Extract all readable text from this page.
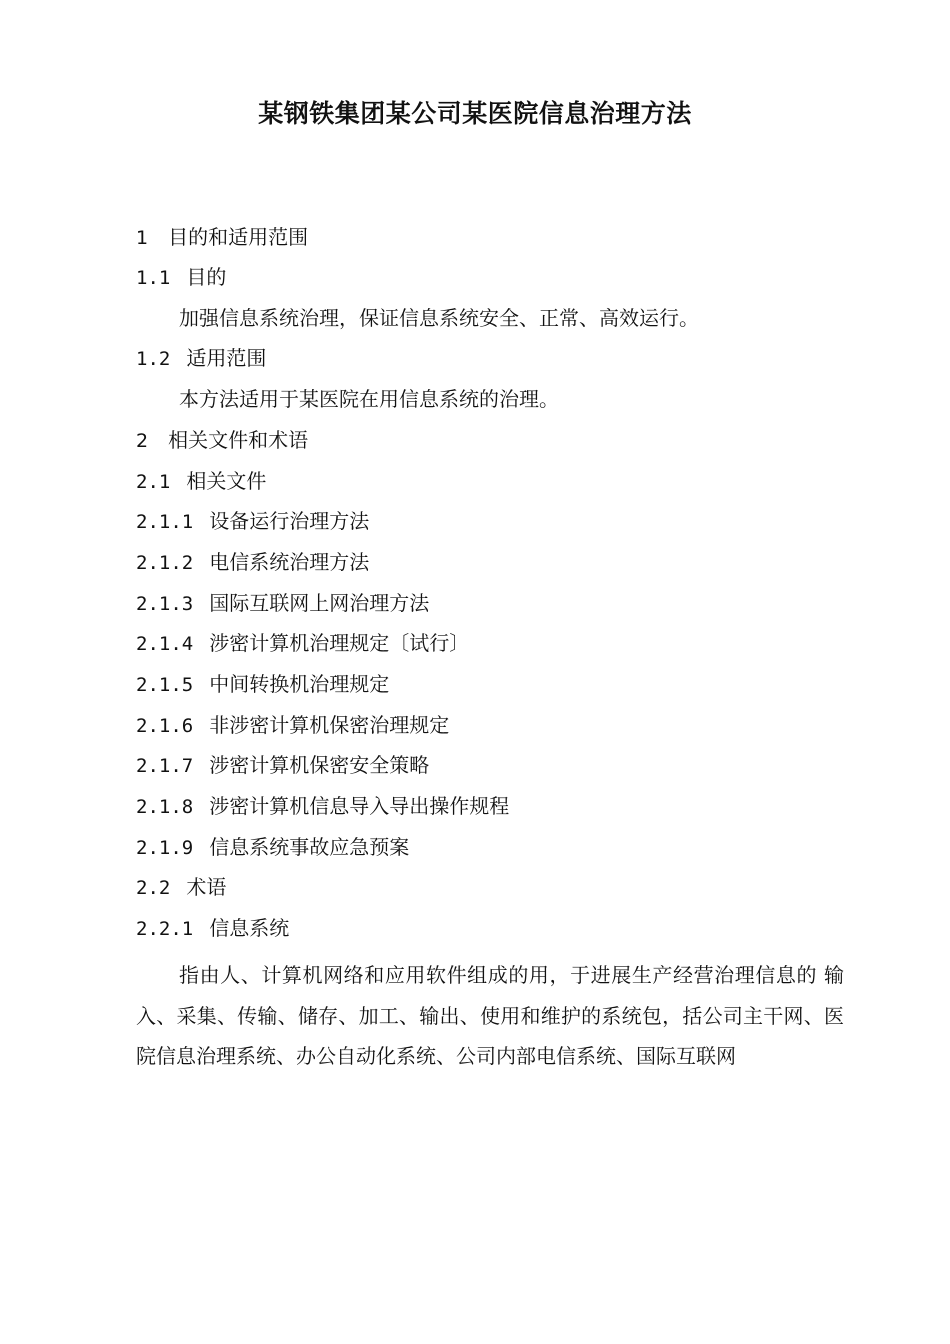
某钢铁集团某公司某医院信息治理方法
1 目的和适用范围
1.1 目的
加强信息系统治理，保证信息系统安全、正常、高效运行。
1.2 适用范围
本方法适用于某医院在用信息系统的治理。
2 相关文件和术语
2.1 相关文件
2.1.1 设备运行治理方法
2.1.2 电信系统治理方法
2.1.3 国际互联网上网治理方法
2.1.4 涉密计算机治理规定〔试行〕
2.1.5 中间转换机治理规定
2.1.6 非涉密计算机保密治理规定
2.1.7 涉密计算机保密安全策略
2.1.8 涉密计算机信息导入导出操作规程
2.1.9 信息系统事故应急预案
2.2 术语
2.2.1 信息系统
指由人、计算机网络和应用软件组成的用，于进展生产经营治理信息的 输入、采集、传输、储存、加工、输出、使用和维护的系统包，括公司主干网、医院信息治理系统、办公自动化系统、公司内部电信系统、国际互联网
